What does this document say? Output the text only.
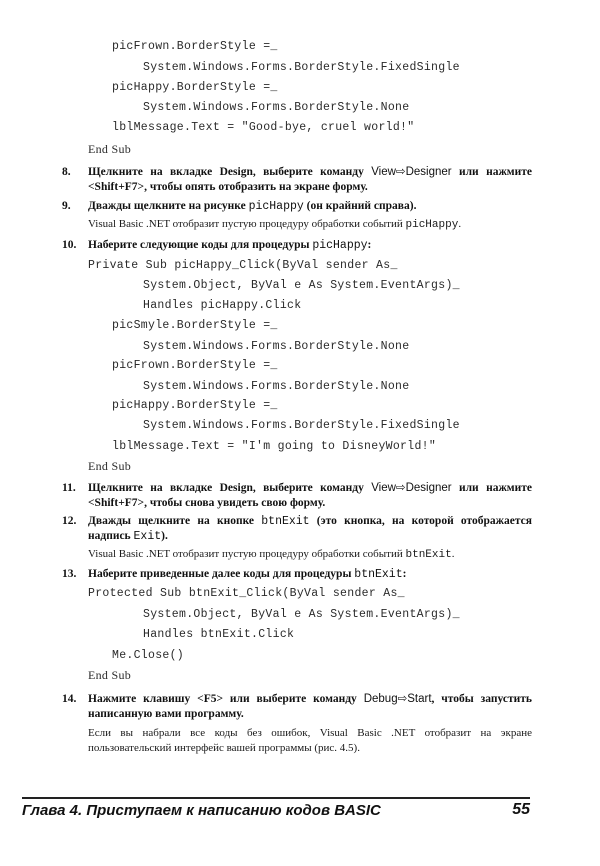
picFrown.BorderStyle =_
System.Windows.Forms.BorderStyle.FixedSingle
picHappy.BorderStyle =_
System.Windows.Forms.BorderStyle.None
lblMessage.Text = "Good-bye, cruel world!"
End Sub
8.	Щелкните на вкладке Design, выберите команду View⇨Designer или нажмите <Shift+F7>, чтобы опять отобразить на экране форму.
9.	Дважды щелкните на рисунке picHappy (он крайний справа).
Visual Basic .NET отобразит пустую процедуру обработки событий picHappy.
10.	Наберите следующие коды для процедуры picHappy:
Private Sub picHappy_Click(ByVal sender As_
System.Object, ByVal e As System.EventArgs)_
Handles picHappy.Click
picSmyle.BorderStyle =_
System.Windows.Forms.BorderStyle.None
picFrown.BorderStyle =_
System.Windows.Forms.BorderStyle.None
picHappy.BorderStyle =_
System.Windows.Forms.BorderStyle.FixedSingle
lblMessage.Text = "I'm going to DisneyWorld!"
End Sub
11.	Щелкните на вкладке Design, выберите команду View⇨Designer или нажмите <Shift+F7>, чтобы снова увидеть свою форму.
12.	Дважды щелкните на кнопке btnExit (это кнопка, на которой отображается надпись Exit).
Visual Basic .NET отобразит пустую процедуру обработки событий btnExit.
13.	Наберите приведенные далее коды для процедуры btnExit:
Protected Sub btnExit_Click(ByVal sender As_
System.Object, ByVal e As System.EventArgs)_
Handles btnExit.Click
Me.Close()
End Sub
14.	Нажмите клавишу <F5> или выберите команду Debug⇨Start, чтобы запустить написанную вами программу.
Если вы набрали все коды без ошибок, Visual Basic .NET отобразит на экране пользовательский интерфейс вашей программы (рис. 4.5).
Глава 4. Приступаем к написанию кодов BASIC	55
